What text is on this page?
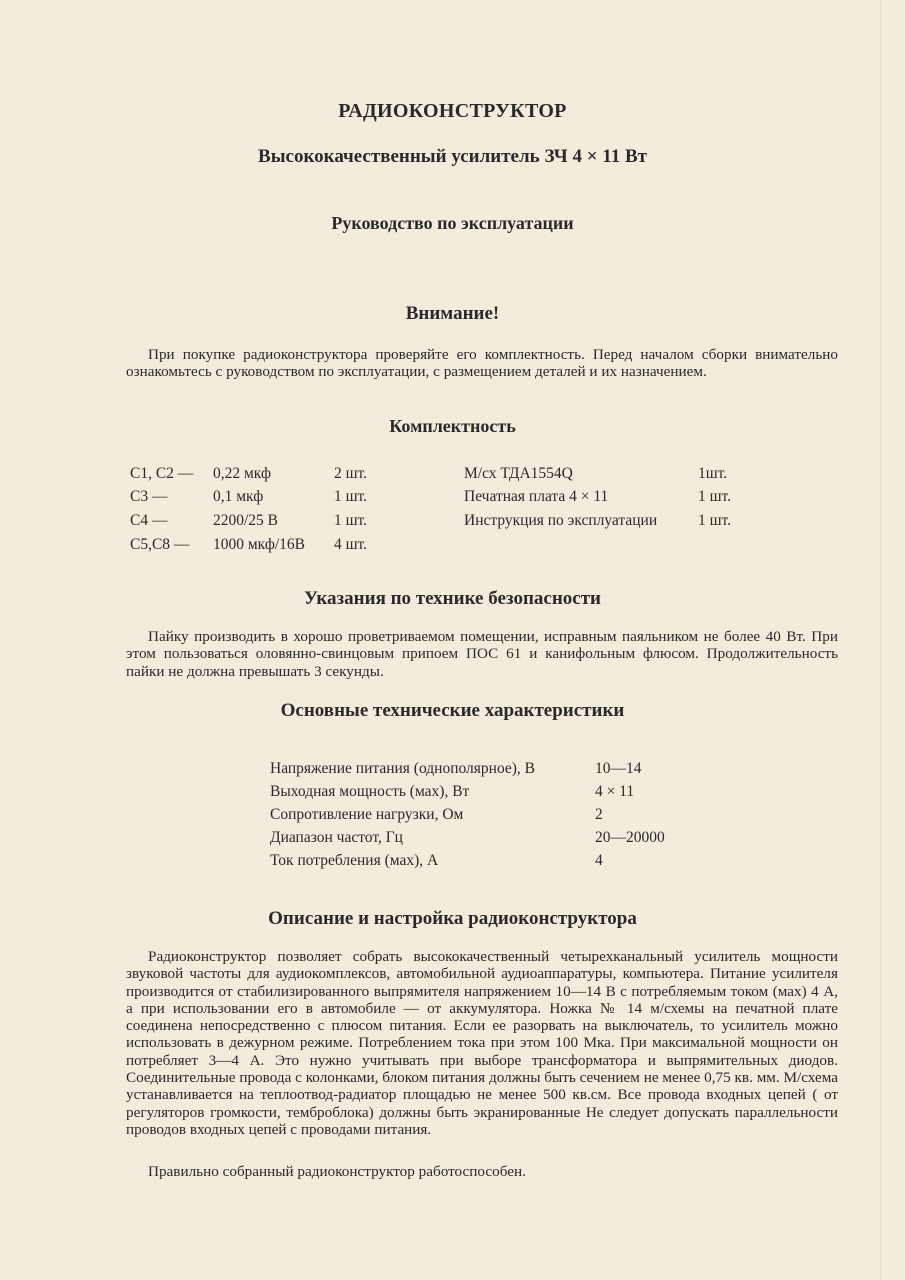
РАДИОКОНСТРУКТОР
Высококачественный усилитель ЗЧ 4 × 11 Вт
Руководство по эксплуатации
Внимание!
При покупке радиоконструктора проверяйте его комплектность. Перед началом сборки внимательно ознакомьтесь с руководством по эксплуатации, с размещением деталей и их назначением.
Комплектность
C1, C2 — 0,22 мкф	2 шт.
C3 —	0,1 мкф	1 шт.
C4 —	2200/25 В	1 шт.
C5,C8 — 1000 мкф/16В 4 шт.
М/сх ТДА1554Q	1шт.
Печатная плата 4 × 11	1 шт.
Инструкция по эксплуатации	1 шт.
Указания по технике безопасности
Пайку производить в хорошо проветриваемом помещении, исправным паяльником не более 40 Вт. При этом пользоваться оловянно-свинцовым припоем ПОС 61 и канифольным флюсом. Продолжительность пайки не должна превышать 3 секунды.
Основные технические характеристики
Напряжение питания (однополярное), В	10—14
Выходная мощность (мах), Вт	4 × 11
Сопротивление нагрузки, Ом	2
Диапазон частот, Гц	20—20000
Ток потребления (мах), А	4
Описание и настройка радиоконструктора
Радиоконструктор позволяет собрать высококачественный четырехканальный усилитель мощности звуковой частоты для аудиокомплексов, автомобильной аудиоаппаратуры, компьютера. Питание усилителя производится от стабилизированного выпрямителя напряжением 10—14 В с потребляемым током (мах) 4 А, а при использовании его в автомобиле — от аккумулятора. Ножка № 14 м/схемы на печатной плате соединена непосредственно с плюсом питания. Если ее разорвать на выключатель, то усилитель можно использовать в дежурном режиме. Потреблением тока при этом 100 Мка. При максимальной мощности он потребляет 3—4 А. Это нужно учитывать при выборе трансформатора и выпрямительных диодов. Соединительные провода с колонками, блоком питания должны быть сечением не менее 0,75 кв. мм. М/схема устанавливается на теплоотвод-радиатор площадью не менее 500 кв.см. Все провода входных цепей ( от регуляторов громкости, темброблока) должны быть экранированные Не следует допускать параллельности проводов входных цепей с проводами питания.
Правильно собранный радиоконструктор работоспособен.
